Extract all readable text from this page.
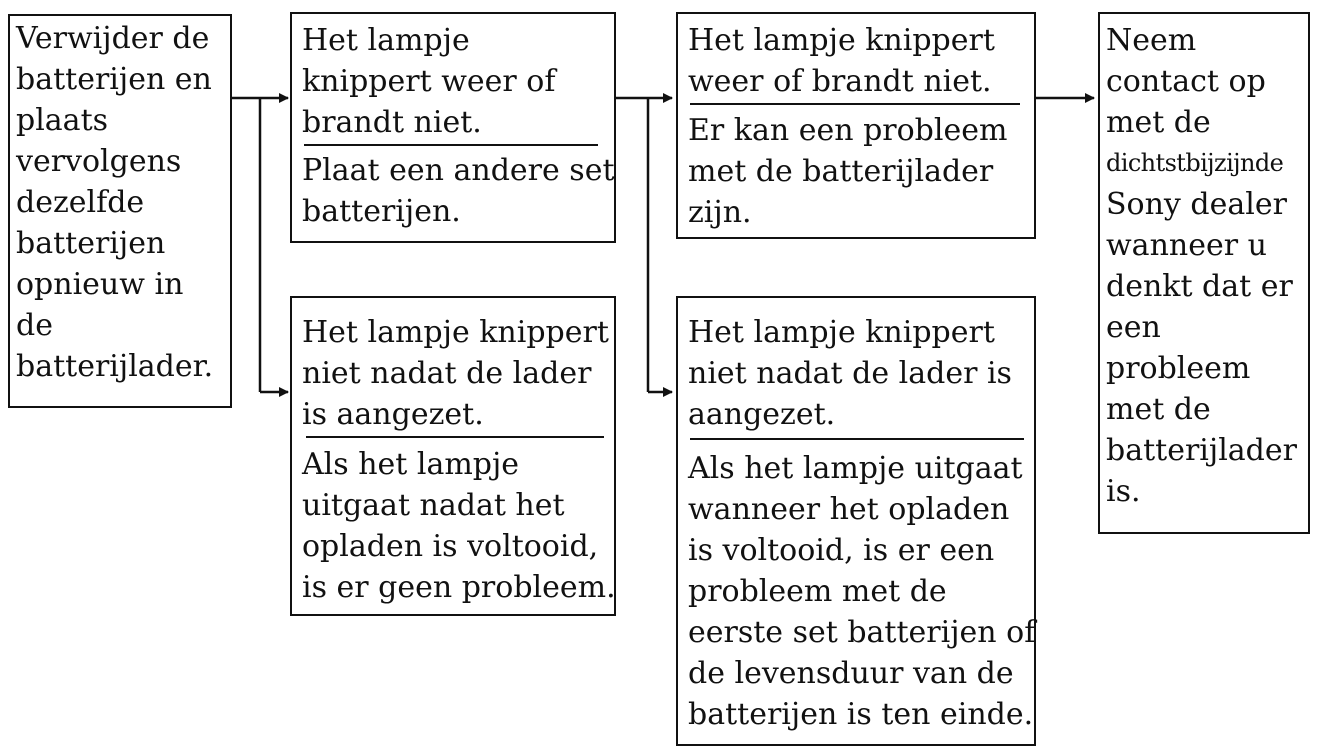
Verwijder de
batterijen en
plaats
vervolgens
dezelfde
batterijen
opnieuw in
de
batterijlader.
Het lampje
knippert weer of
brandt niet.
Plaat een andere set
batterijen.
Het lampje knippert
niet nadat de lader
is aangezet.
Als het lampje
uitgaat nadat het
opladen is voltooid,
is er geen probleem.
Het lampje knippert
weer of brandt niet.
Er kan een probleem
met de batterijlader
zijn.
Het lampje knippert
niet nadat de lader is
aangezet.
Als het lampje uitgaat
wanneer het opladen
is voltooid, is er een
probleem met de
eerste set batterijen of
de levensduur van de
batterijen is ten einde.
Neem
contact op
met de
dichtstbijzijnde
Sony dealer
wanneer u
denkt dat er
een
probleem
met de
batterijlader
is.
